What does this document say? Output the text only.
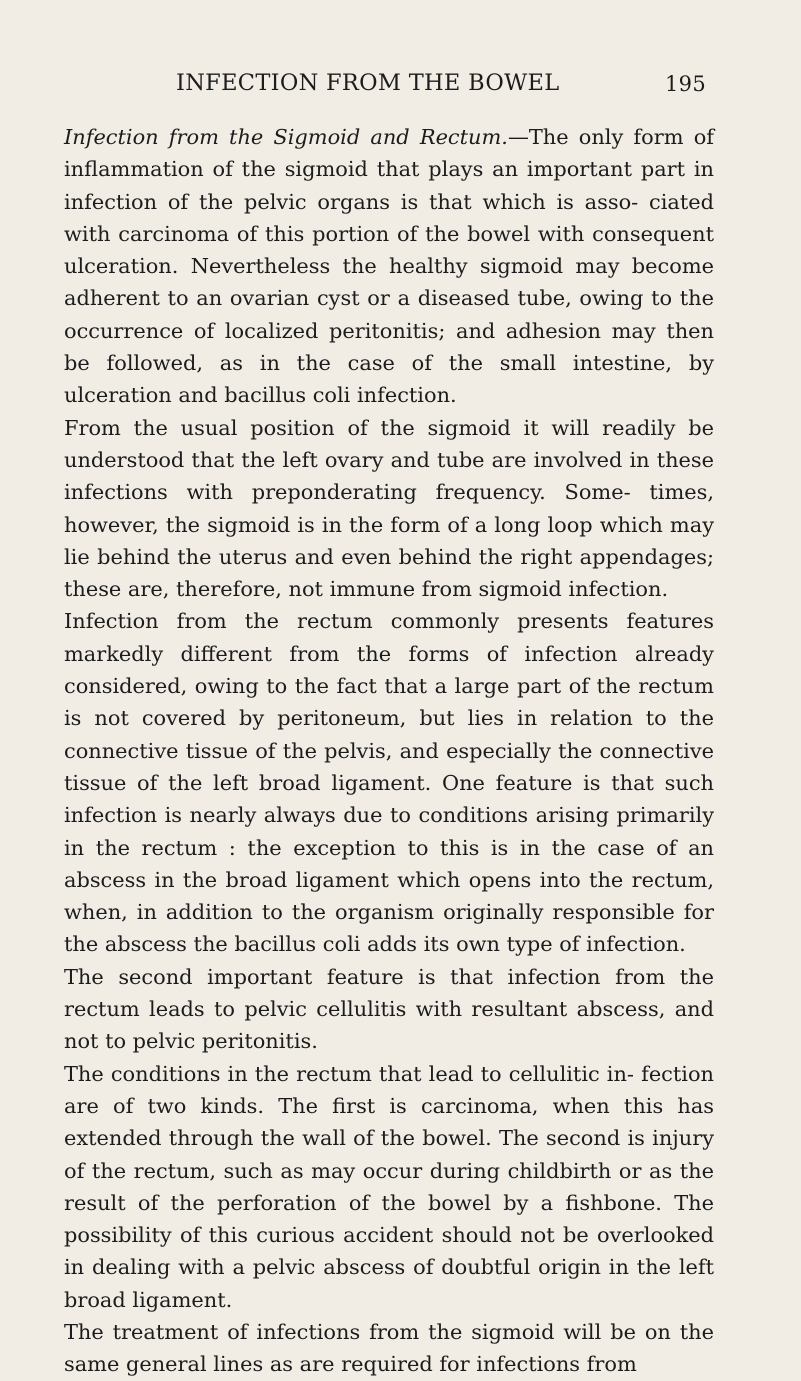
INFECTION FROM THE BOWEL	195

Infection from the Sigmoid and Rectum.—The only form of inflammation of the sigmoid that plays an important part in infection of the pelvic organs is that which is asso- ciated with carcinoma of this portion of the bowel with consequent ulceration. Nevertheless the healthy sigmoid may become adherent to an ovarian cyst or a diseased tube, owing to the occurrence of localized peritonitis; and adhesion may then be followed, as in the case of the small intestine, by ulceration and bacillus coli infection.

From the usual position of the sigmoid it will readily be understood that the left ovary and tube are involved in these infections with preponderating frequency. Some- times, however, the sigmoid is in the form of a long loop which may lie behind the uterus and even behind the right appendages; these are, therefore, not immune from sigmoid infection.

Infection from the rectum commonly presents features markedly different from the forms of infection already considered, owing to the fact that a large part of the rectum is not covered by peritoneum, but lies in relation to the connective tissue of the pelvis, and especially the connective tissue of the left broad ligament. One feature is that such infection is nearly always due to conditions arising primarily in the rectum : the exception to this is in the case of an abscess in the broad ligament which opens into the rectum, when, in addition to the organism originally responsible for the abscess the bacillus coli adds its own type of infection.

The second important feature is that infection from the rectum leads to pelvic cellulitis with resultant abscess, and not to pelvic peritonitis.

The conditions in the rectum that lead to cellulitic in- fection are of two kinds. The first is carcinoma, when this has extended through the wall of the bowel. The second is injury of the rectum, such as may occur during childbirth or as the result of the perforation of the bowel by a fishbone. The possibility of this curious accident should not be overlooked in dealing with a pelvic abscess of doubtful origin in the left broad ligament.

The treatment of infections from the sigmoid will be on the same general lines as are required for infections from
